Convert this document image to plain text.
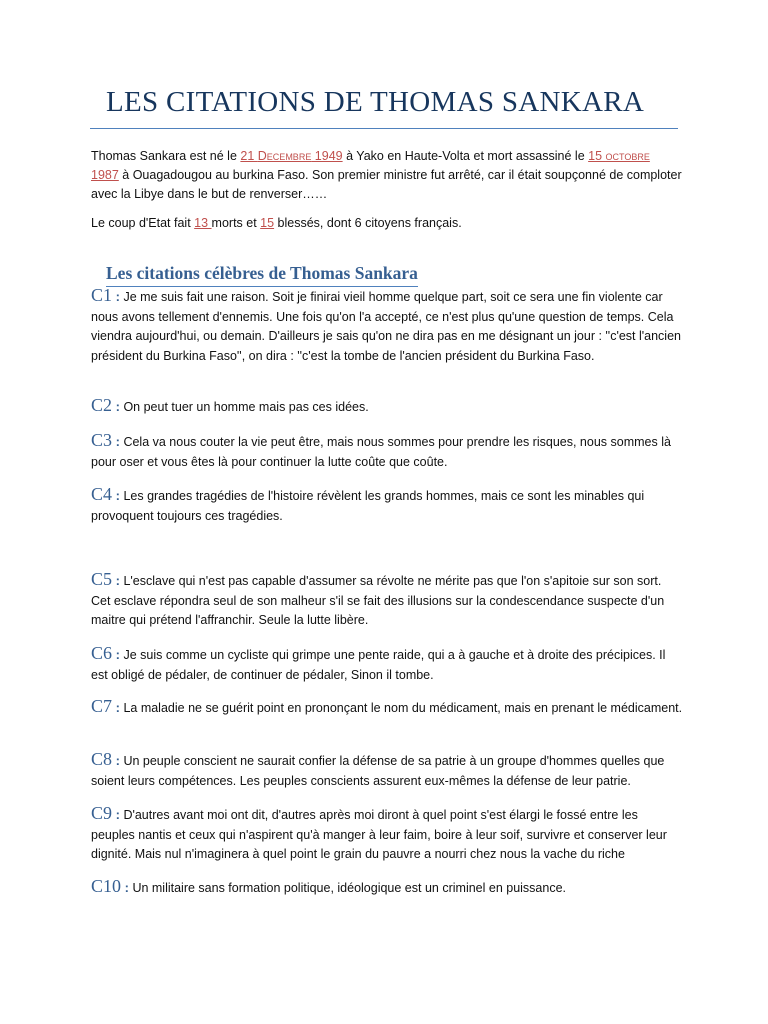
LES CITATIONS DE THOMAS SANKARA

Thomas Sankara est né le 21 Decembre 1949 à Yako en Haute-Volta et mort assassiné le 15 octobre
1987 à Ouagadougou au burkina Faso. Son premier ministre fut arrêté, car il était soupçonné de comploter avec la Libye dans le but de renverser……

Le coup d'Etat fait 13 morts et 15 blessés, dont 6 citoyens français.

Les citations célèbres de Thomas Sankara

C1 : Je me suis fait une raison. Soit je finirai vieil homme quelque part, soit ce sera une fin violente car nous avons tellement d'ennemis. Une fois qu'on l'a accepté, ce n'est plus qu'une question de temps. Cela viendra aujourd'hui, ou demain. D'ailleurs je sais qu'on ne dira pas en me désignant un jour : ''c'est l'ancien président du Burkina Faso'', on dira : ''c'est la tombe de l'ancien président du Burkina Faso.

C2 : On peut tuer un homme mais pas ces idées.

C3 : Cela va nous couter la vie peut être, mais nous sommes pour prendre les risques, nous sommes là pour oser et vous êtes là pour continuer la lutte coûte que coûte.

C4 : Les grandes tragédies de l'histoire révèlent les grands hommes, mais ce sont les minables qui provoquent toujours ces tragédies.

C5 : L'esclave qui n'est pas capable d'assumer sa révolte ne mérite pas que l'on s'apitoie sur son sort. Cet esclave répondra seul de son malheur s'il se fait des illusions sur la condescendance suspecte d'un maitre qui prétend l'affranchir. Seule la lutte libère.

C6 : Je suis comme un cycliste qui grimpe une pente raide, qui a à gauche et à droite des précipices. Il est obligé de pédaler, de continuer de pédaler, Sinon il tombe.

C7 : La maladie ne se guérit point en prononçant le nom du médicament, mais en prenant le médicament.

C8 : Un peuple conscient ne saurait confier la défense de sa patrie à un groupe d'hommes quelles que soient leurs compétences. Les peuples conscients assurent eux-mêmes la défense de leur patrie.

C9 : D'autres avant moi ont dit, d'autres après moi diront à quel point s'est élargi le fossé entre les peuples nantis et ceux qui n'aspirent qu'à manger à leur faim, boire à leur soif, survivre et conserver leur dignité. Mais nul n'imaginera à quel point le grain du pauvre a nourri chez nous la vache du riche

C10 : Un militaire sans formation politique, idéologique est un criminel en puissance.
